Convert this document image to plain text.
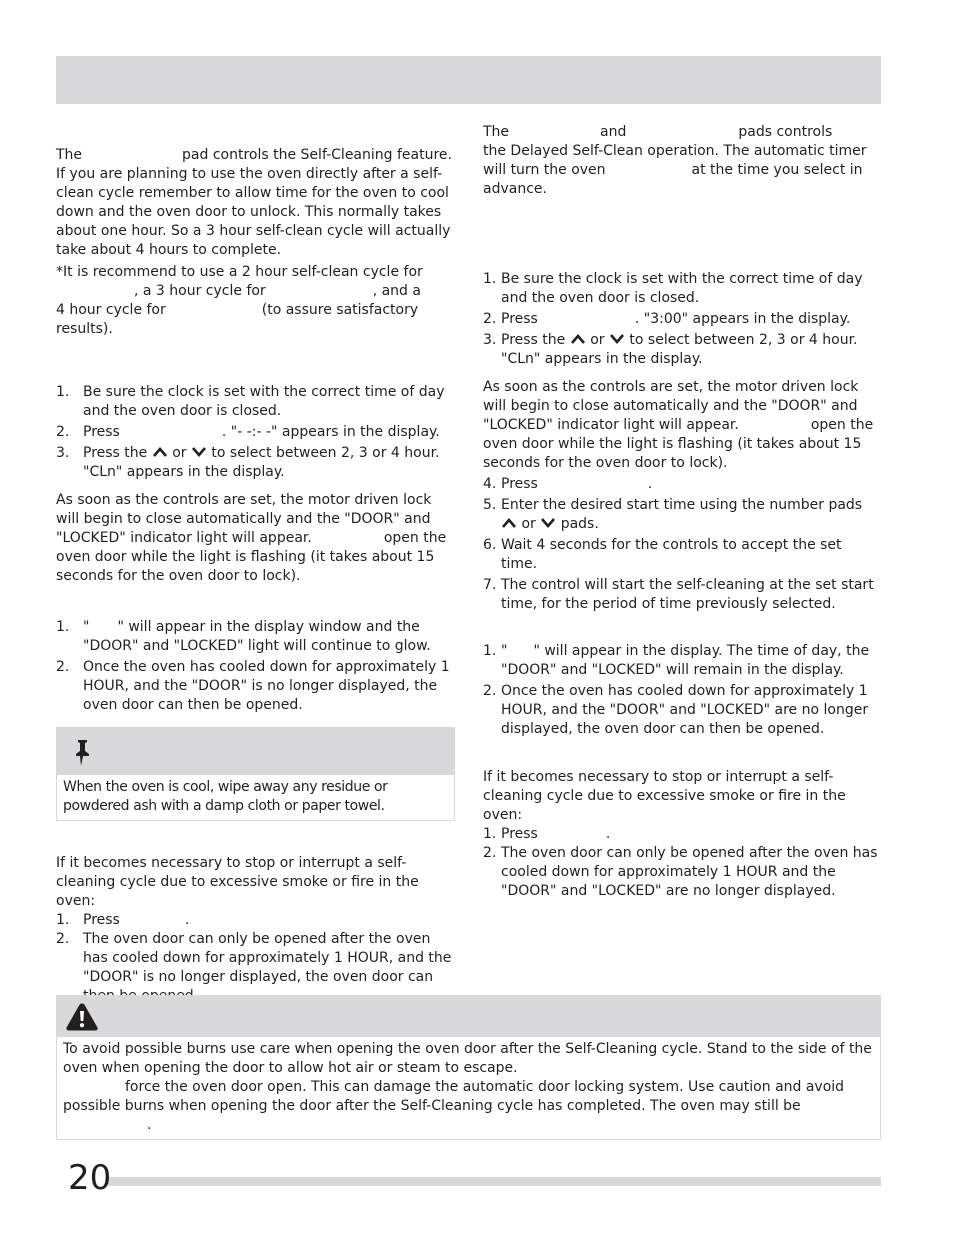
The	pad controls the Self-Cleaning feature. If you are planning to use the oven directly after a self-clean cycle remember to allow time for the oven to cool down and the oven door to unlock. This normally takes about one hour. So a 3 hour self-clean cycle will actually take about 4 hours to complete.

*It is recommend to use a 2 hour self-clean cycle for
, a 3 hour cycle for	, and a
4 hour cycle for	(to assure satisfactory
results).

1. Be sure the clock is set with the correct time of day and the oven door is closed.
2. Press	. "- -:- -" appears in the display.
3. Press the or to select between 2, 3 or 4 hour. "CLn" appears in the display.

As soon as the controls are set, the motor driven lock will begin to close automatically and the "DOOR" and "LOCKED" indicator light will appear.	open the oven door while the light is flashing (it takes about 15 seconds for the oven door to lock).

1. " " will appear in the display window and the "DOOR" and "LOCKED" light will continue to glow.
2. Once the oven has cooled down for approximately 1 HOUR, and the "DOOR" is no longer displayed, the oven door can then be opened.
When the oven is cool, wipe away any residue or powdered ash with a damp cloth or paper towel.

If it becomes necessary to stop or interrupt a self-cleaning cycle due to excessive smoke or fire in the oven:

1. Press	.
2. The oven door can only be opened after the oven has cooled down for approximately 1 HOUR, and the "DOOR" is no longer displayed, the oven door can

The	and	pads controls
the Delayed Self-Clean operation. The automatic timer
will turn the oven	at the time you select in
advance.

1. Be sure the clock is set with the correct time of day and the oven door is closed.
2. Press	. "3:00" appears in the display.
3. Press the or to select between 2, 3 or 4 hour. "CLn" appears in the display.

As soon as the controls are set, the motor driven lock will begin to close automatically and the "DOOR" and "LOCKED" indicator light will appear.	open the oven door while the light is flashing (it takes about 15 seconds for the oven door to lock).

4. Press	.
5. Enter the desired start time using the number pads
or pads.
6. Wait 4 seconds for the controls to accept the set time.
7. The control will start the self-cleaning at the set start time, for the period of time previously selected.
1. " " will appear in the display. The time of day, the "DOOR" and "LOCKED" will remain in the display.
2. Once the oven has cooled down for approximately 1 HOUR, and the "DOOR" and "LOCKED" are no longer displayed, the oven door can then be opened.

If it becomes necessary to stop or interrupt a self-cleaning cycle due to excessive smoke or fire in the oven:

1. Press	.
2. The oven door can only be opened after the oven has cooled down for approximately 1 HOUR and the "DOOR" and "LOCKED" are no longer displayed.
To avoid possible burns use care when opening the oven door after the Self-Cleaning cycle. Stand to the side of the oven when opening the door to allow hot air or steam to escape.
force the oven door open. This can damage the automatic door locking system. Use caution and avoid possible burns when opening the door after the Self-Cleaning cycle has completed. The oven may still be.
20
